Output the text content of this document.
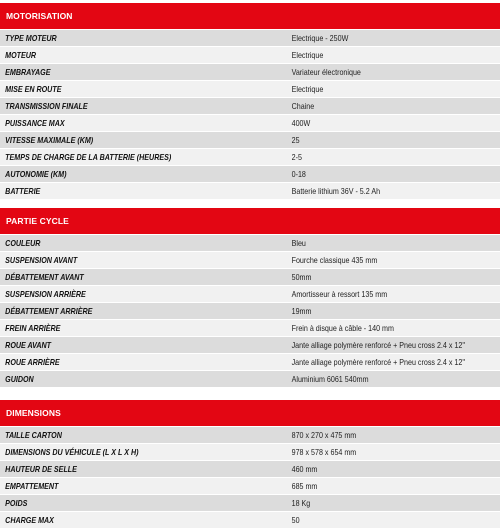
MOTORISATION
TYPE MOTEUR	Electrique - 250W
MOTEUR	Electrique
EMBRAYAGE	Variateur électronique
MISE EN ROUTE	Electrique
TRANSMISSION FINALE	Chaine
PUISSANCE MAX	400W
VITESSE MAXIMALE (KM)	25
TEMPS DE CHARGE DE LA BATTERIE (HEURES)	2-5
AUTONOMIE (KM)	0-18
BATTERIE	Batterie lithium 36V - 5.2 Ah
PARTIE CYCLE
COULEUR	Bleu
SUSPENSION AVANT	Fourche classique 435 mm
DÉBATTEMENT AVANT	50mm
SUSPENSION ARRIÈRE	Amortisseur à ressort 135 mm
DÉBATTEMENT ARRIÈRE	19mm
FREIN ARRIÈRE	Frein à disque à câble - 140 mm
ROUE AVANT	Jante alliage polymère renforcé + Pneu cross 2.4 x 12''
ROUE ARRIÈRE	Jante alliage polymère renforcé + Pneu cross 2.4 x 12''
GUIDON	Aluminium 6061 540mm
DIMENSIONS
TAILLE CARTON	870 x 270 x 475 mm
DIMENSIONS DU VÉHICULE (L X L X H)	978 x 578 x 654 mm
HAUTEUR DE SELLE	460 mm
EMPATTEMENT	685 mm
POIDS	18 Kg
CHARGE MAX	50
